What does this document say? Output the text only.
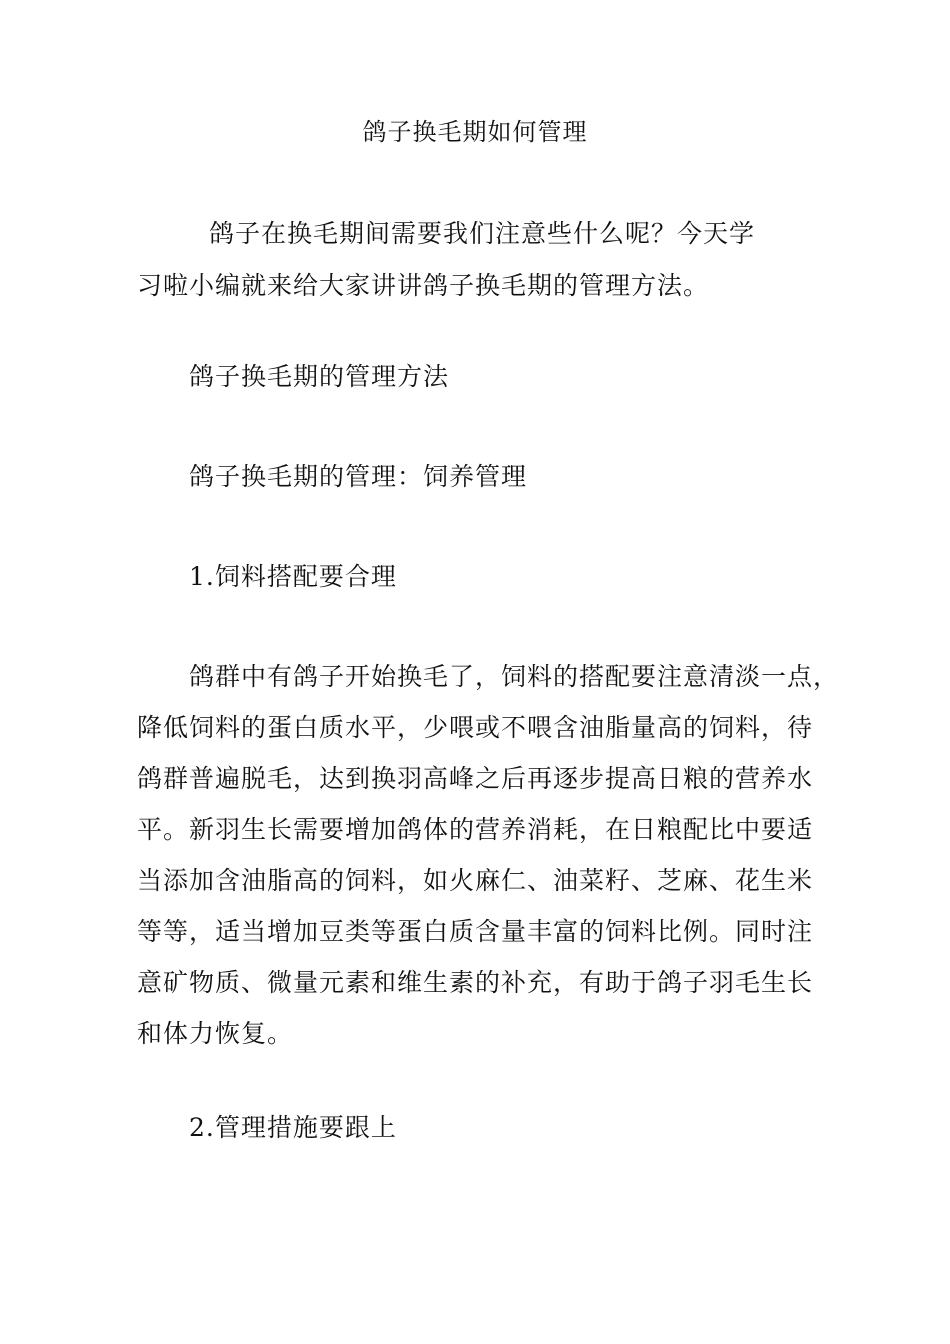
鸽子换毛期如何管理
鸽子在换毛期间需要我们注意些什么呢？今天学
习啦小编就来给大家讲讲鸽子换毛期的管理方法。
鸽子换毛期的管理方法
鸽子换毛期的管理：饲养管理
1.饲料搭配要合理
鸽群中有鸽子开始换毛了，饲料的搭配要注意清淡一点，
降低饲料的蛋白质水平，少喂或不喂含油脂量高的饲料，待
鸽群普遍脱毛，达到换羽高峰之后再逐步提高日粮的营养水
平。新羽生长需要增加鸽体的营养消耗，在日粮配比中要适
当添加含油脂高的饲料，如火麻仁、油菜籽、芝麻、花生米
等等，适当增加豆类等蛋白质含量丰富的饲料比例。同时注
意矿物质、微量元素和维生素的补充，有助于鸽子羽毛生长
和体力恢复。
2.管理措施要跟上
